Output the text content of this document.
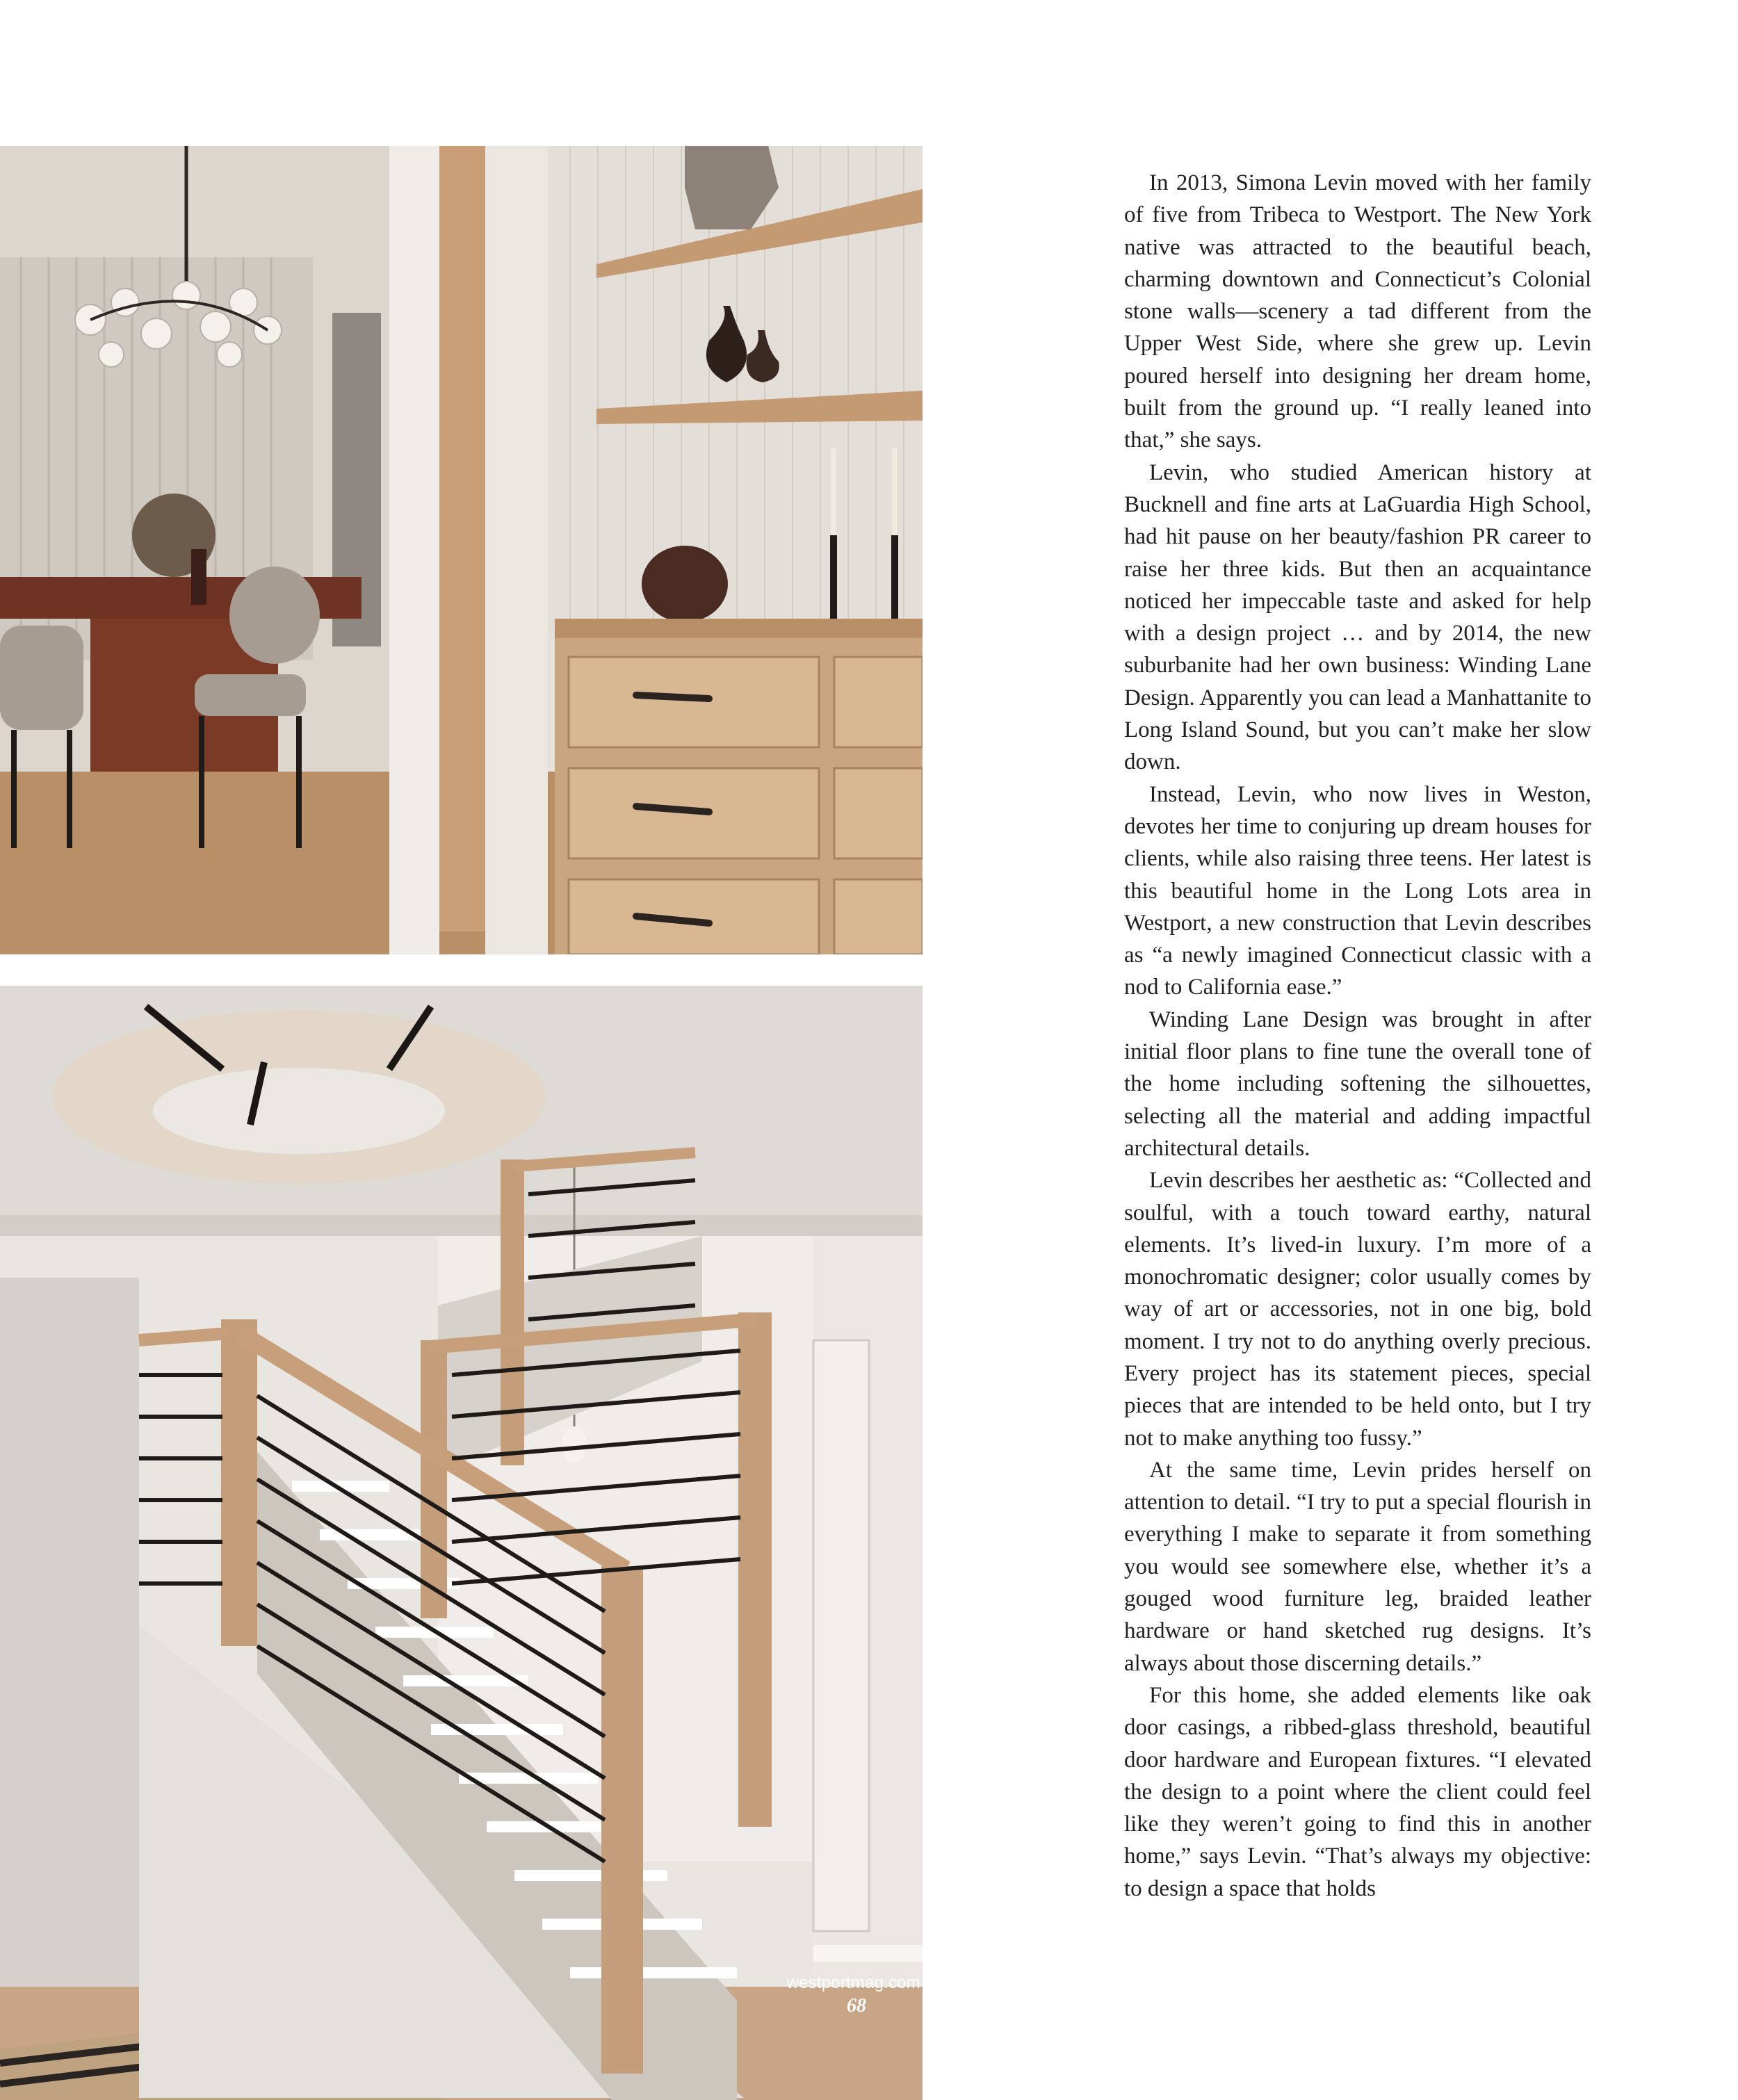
In 2013, Simona Levin moved with her family of five from Tribeca to Westport. The New York native was attracted to the beautiful beach, charming downtown and Connecticut’s Colonial stone walls—scenery a tad different from the Upper West Side, where she grew up. Levin poured herself into designing her dream home, built from the ground up. “I really leaned into that,” she says.

Levin, who studied American history at Bucknell and fine arts at LaGuardia High School, had hit pause on her beauty/fashion PR career to raise her three kids. But then an acquaintance noticed her impeccable taste and asked for help with a design project … and by 2014, the new suburbanite had her own business: Winding Lane Design. Apparently you can lead a Manhattanite to Long Island Sound, but you can’t make her slow down.

Instead, Levin, who now lives in Weston, devotes her time to conjuring up dream houses for clients, while also raising three teens. Her latest is this beautiful home in the Long Lots area in Westport, a new construction that Levin describes as “a newly imagined Connecticut classic with a nod to California ease.”

Winding Lane Design was brought in after initial floor plans to fine tune the overall tone of the home including softening the silhouettes, selecting all the material and adding impactful architectural details.

Levin describes her aesthetic as: “Collected and soulful, with a touch toward earthy, natural elements. It’s lived-in luxury. I’m more of a monochromatic designer; color usually comes by way of art or accessories, not in one big, bold moment. I try not to do anything overly precious. Every project has its statement pieces, special pieces that are intended to be held onto, but I try not to make anything too fussy.”

At the same time, Levin prides herself on attention to detail. “I try to put a special flourish in everything I make to separate it from something you would see somewhere else, whether it’s a gouged wood furniture leg, braided leather hardware or hand sketched rug designs. It’s always about those discerning details.”

For this home, she added elements like oak door casings, a ribbed-glass threshold, beautiful door hardware and European fixtures. “I elevated the design to a point where the client could feel like they weren’t going to find this in another home,” says Levin. “That’s always my objective: to design a space that holds

westportmag.com
68
